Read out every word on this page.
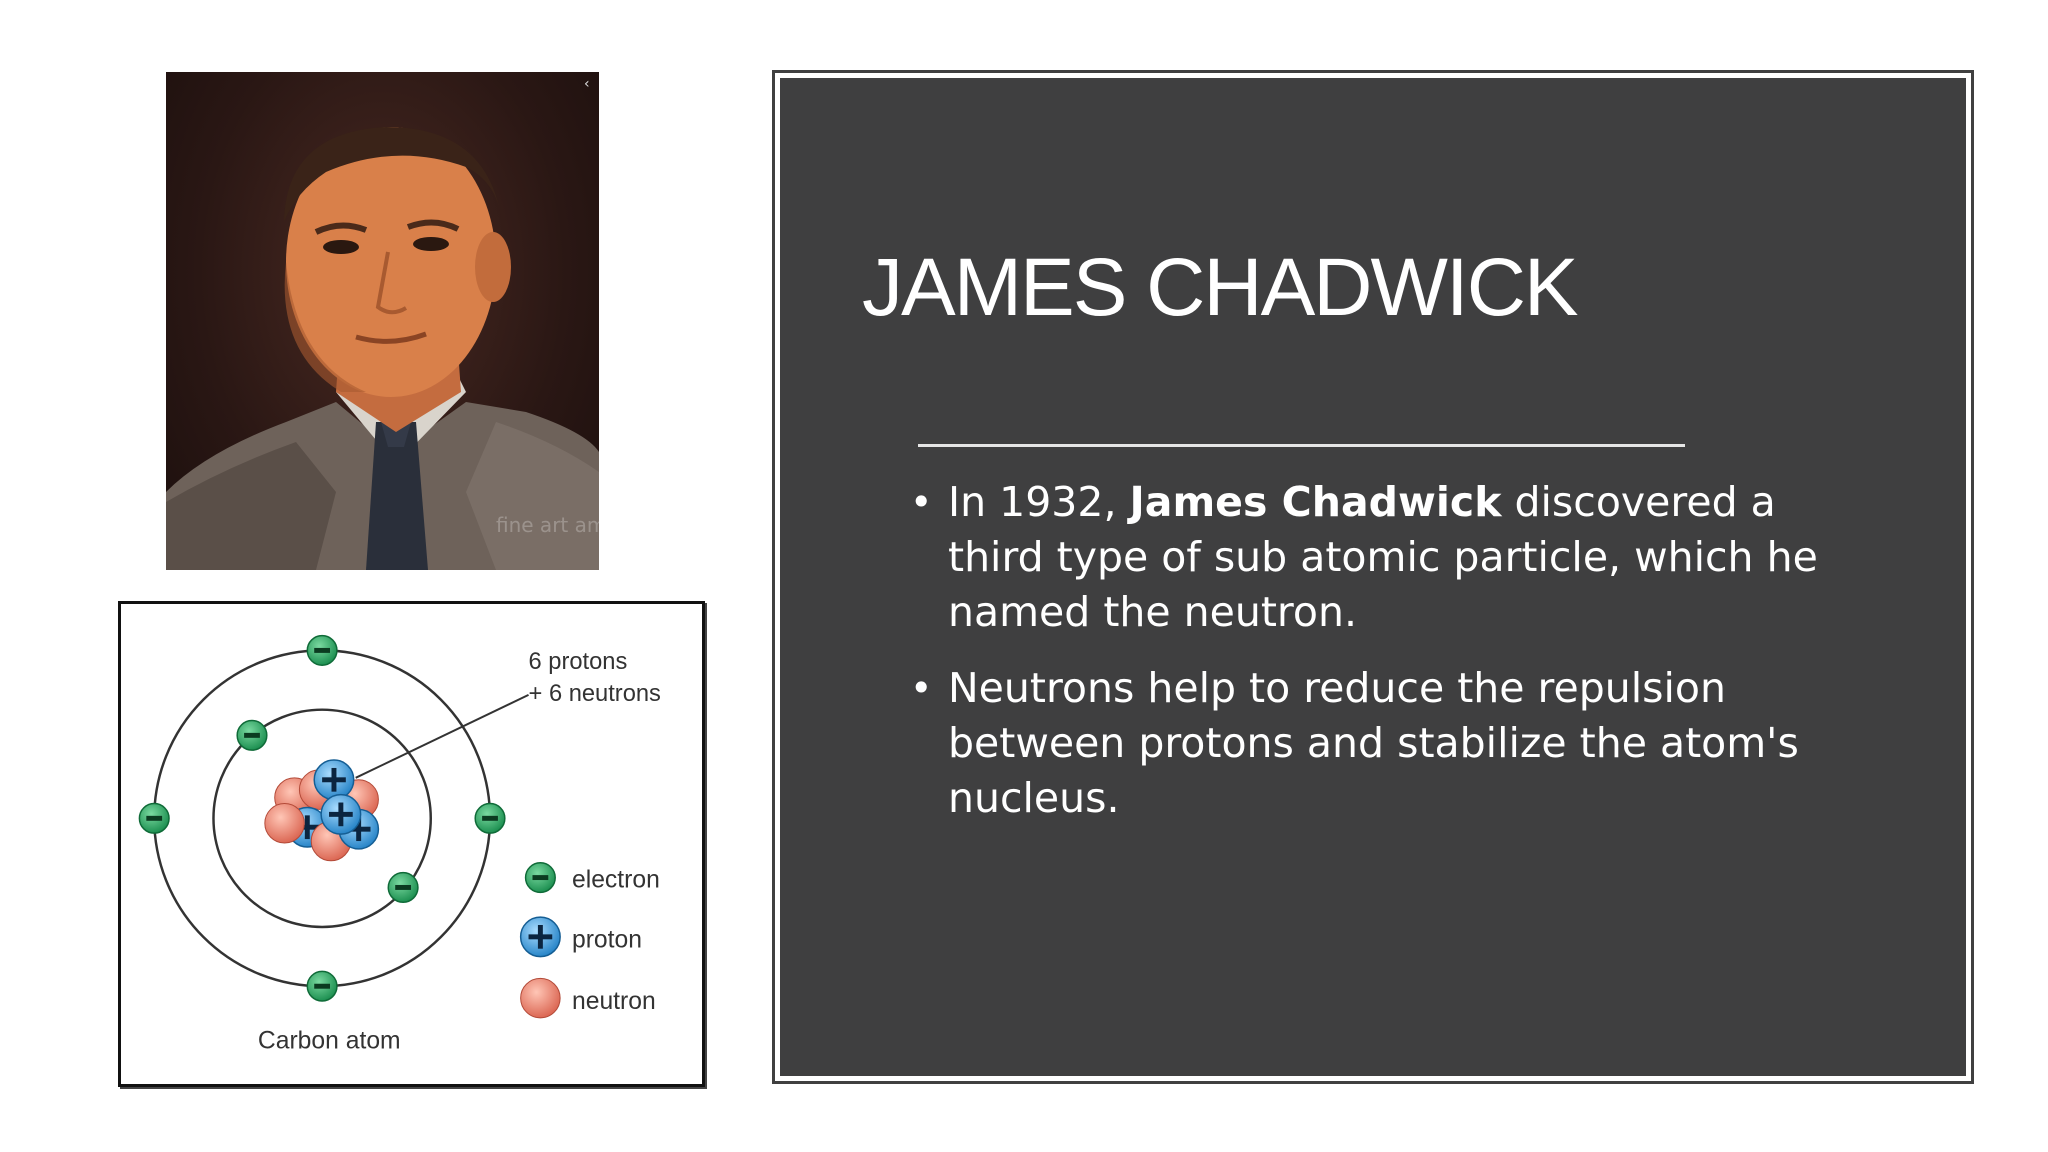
‹
fine art america
6 protons
+ 6 neutrons
electron
proton
neutron
Carbon atom
JAMES CHADWICK
• In 1932, James Chadwick discovered a third type of sub atomic particle, which he named the neutron.
• Neutrons help to reduce the repulsion between protons and stabilize the atom's nucleus.
